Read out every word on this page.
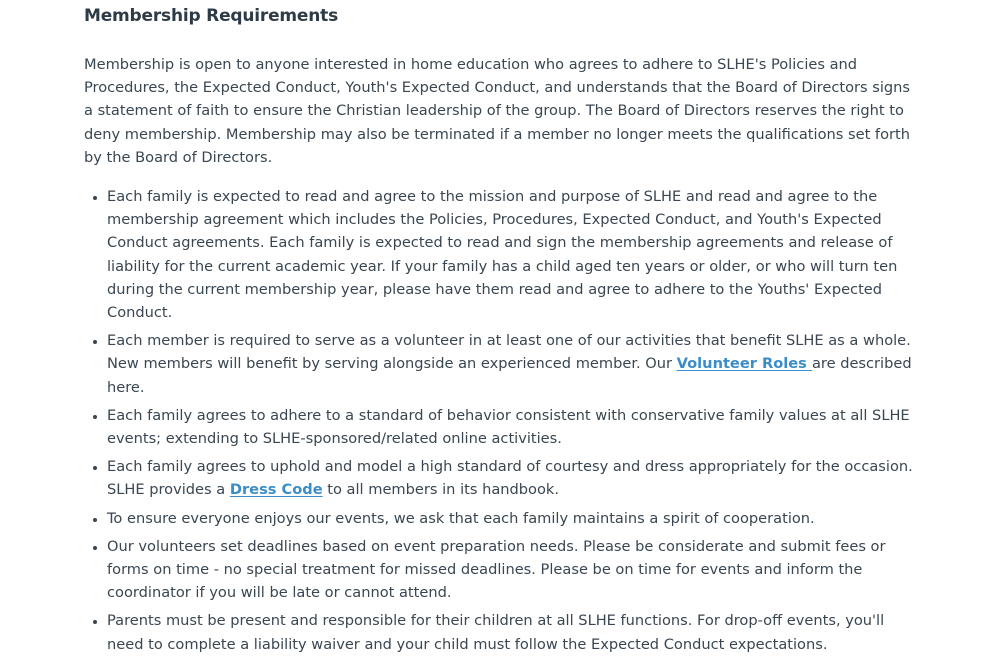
Membership Requirements

Membership is open to anyone interested in home education who agrees to adhere to SLHE's Policies and Procedures, the Expected Conduct, Youth's Expected Conduct, and understands that the Board of Directors signs a statement of faith to ensure the Christian leadership of the group. The Board of Directors reserves the right to deny membership. Membership may also be terminated if a member no longer meets the qualifications set forth by the Board of Directors.

• Each family is expected to read and agree to the mission and purpose of SLHE and read and agree to the membership agreement which includes the Policies, Procedures, Expected Conduct, and Youth's Expected Conduct agreements. Each family is expected to read and sign the membership agreements and release of liability for the current academic year. If your family has a child aged ten years or older, or who will turn ten during the current membership year, please have them read and agree to adhere to the Youths' Expected Conduct.
• Each member is required to serve as a volunteer in at least one of our activities that benefit SLHE as a whole. New members will benefit by serving alongside an experienced member. Our Volunteer Roles are described here.
• Each family agrees to adhere to a standard of behavior consistent with conservative family values at all SLHE events; extending to SLHE-sponsored/related online activities.
• Each family agrees to uphold and model a high standard of courtesy and dress appropriately for the occasion. SLHE provides a Dress Code to all members in its handbook.
• To ensure everyone enjoys our events, we ask that each family maintains a spirit of cooperation.
• Our volunteers set deadlines based on event preparation needs. Please be considerate and submit fees or forms on time - no special treatment for missed deadlines. Please be on time for events and inform the coordinator if you will be late or cannot attend.
• Parents must be present and responsible for their children at all SLHE functions. For drop-off events, you'll need to complete a liability waiver and your child must follow the Expected Conduct expectations.
